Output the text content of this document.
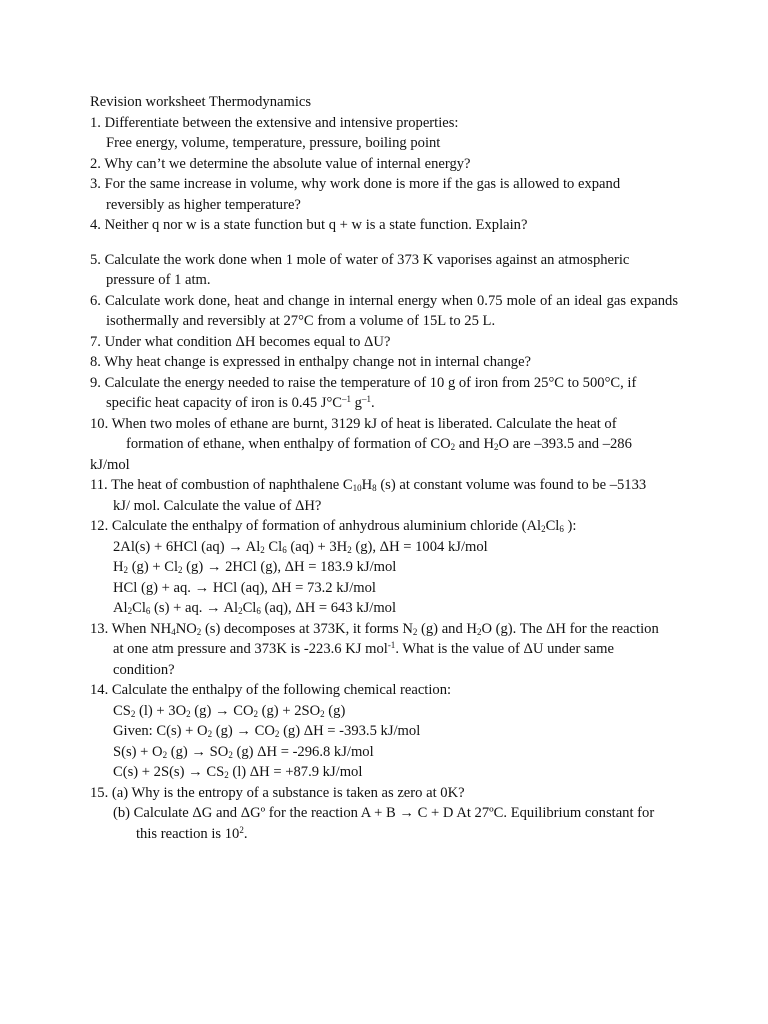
Revision worksheet Thermodynamics
1. Differentiate between the extensive and intensive properties:
Free energy, volume, temperature, pressure, boiling point
2. Why can’t we determine the absolute value of internal energy?
3. For the same increase in volume, why work done is more if the gas is allowed to expand
reversibly as higher temperature?
4. Neither q nor w is a state function but q + w is a state function. Explain?
5. Calculate the work done when 1 mole of water of 373 K vaporises against an atmospheric
pressure of 1 atm.
6. Calculate work done, heat and change in internal energy when 0.75 mole of an ideal gas expands
isothermally and reversibly at 27°C from a volume of 15L to 25 L.
7. Under what condition ΔH becomes equal to ΔU?
8. Why heat change is expressed in enthalpy change not in internal change?
9. Calculate the energy needed to raise the temperature of 10 g of iron from 25°C to 500°C, if
specific heat capacity of iron is 0.45 $J^\circ C^{-1}$ $g^{-1}$.
10. When two moles of ethane are burnt, 3129 kJ of heat is liberated. Calculate the heat of
formation of ethane, when enthalpy of formation of $CO_2$ and $H_2O$ are –393.5 and –286
kJ/mol
11. The heat of combustion of naphthalene $C_{10}H_8$ (s) at constant volume was found to be –5133
kJ/ mol. Calculate the value of ΔH?
12. Calculate the enthalpy of formation of anhydrous aluminium chloride ($Al_2Cl_6$ ):
2Al(s) + 6HCl $(aq) \to Al_2$ $Cl_6$ $(aq) + 3H_2$ (g), ΔH = 1004 kJ/mol
$H_2$ $(g) + Cl_2$ (g) → 2HCl (g), ΔH = 183.9 kJ/mol
HCl (g) + aq. → HCl (aq), ΔH = 73.2 kJ/mol
$Al_2Cl_6$ (s) + aq. → $Al_2Cl_6$ (aq), ΔH = 643 kJ/mol
13. When $NH_4NO_2$ (s) decomposes at 373K, it forms $N_2$ (g) and $H_2O$ (g). The ΔH for the reaction
at one atm pressure and 373K is -223.6 KJ mol$^{-1}$. What is the value of ΔU under same
condition?
14. Calculate the enthalpy of the following chemical reaction:
$CS_2$ $(l) + 3O_2$ $(g) \to CO_2$ $(g) + 2SO_2$ (g)
Given: $C(s) + O_2$ $(g) \to CO_2$ (g) ΔH = -393.5 kJ/mol
$S(s) + O_2$ $(g) \to SO_2$ (g) ΔH = -296.8 kJ/mol
$C(s) + 2S(s) \to CS_2$ (l) ΔH = +87.9 kJ/mol
15. (a) Why is the entropy of a substance is taken as zero at 0K?
(b) Calculate ΔG and ΔGº for the reaction A + B → C + D At 27ºC. Equilibrium constant for
this reaction is $10^2$.
